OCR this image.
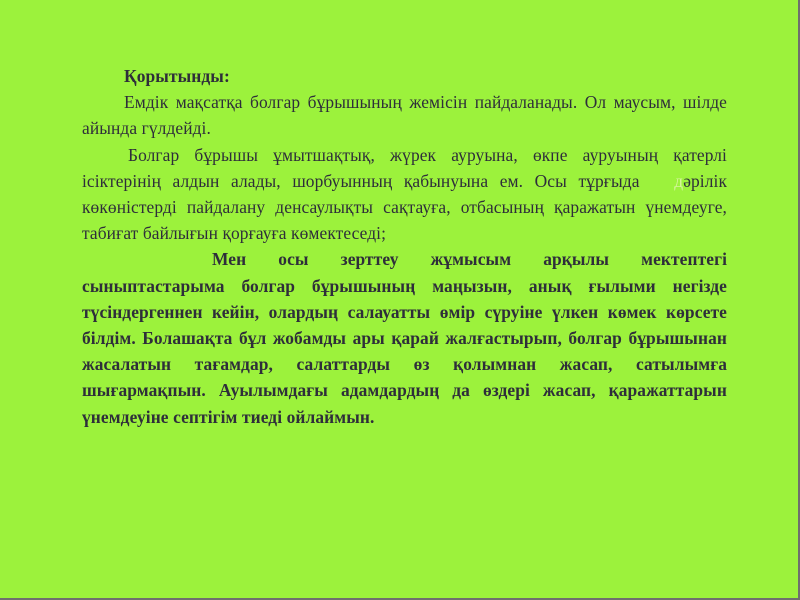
Қорытынды:

Емдік мақсатқа болгар бұрышының жемісін пайдаланады. Ол маусым, шілде айында гүлдейді.

Болгар бұрышы ұмытшақтық, жүрек ауруына, өкпе ауруының қатерлі ісіктерінің алдын алады, шорбуынның қабынуына ем. Осы тұрғыда дәрілік көкөністерді пайдалану денсаулықты сақтауға, отбасының қаражатын үнемдеуге, табиғат байлығын қорғауға көмектеседі;

Мен осы зерттеу жұмысым арқылы мектептегі сыныптастарыма болгар бұрышының маңызын, анық ғылыми негізде түсіндергеннен кейін, олардың салауатты өмір сүруіне үлкен көмек көрсете білдім. Болашақта бұл жобамды ары қарай жалғастырып, болгар бұрышынан жасалатын тағамдар, салаттарды өз қолымнан жасап, сатылымға шығармақпын. Ауылымдағы адамдардың да өздері жасап, қаражаттарын үнемдеуіне септігім тиеді ойлаймын.
